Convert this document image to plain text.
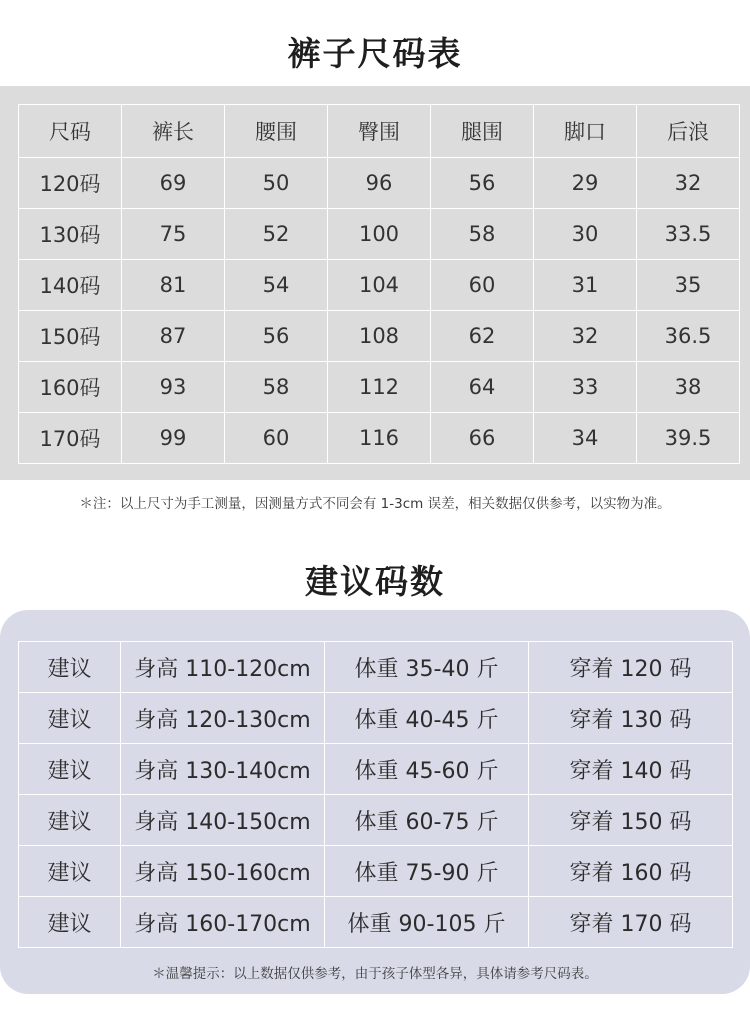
裤子尺码表
尺码	裤长	腰围	臀围	腿围	脚口	后浪
120码	69	50	96	56	29	32
130码	75	52	100	58	30	33.5
140码	81	54	104	60	31	35
150码	87	56	108	62	32	36.5
160码	93	58	112	64	33	38
170码	99	60	116	66	34	39.5
＊注：以上尺寸为手工测量，因测量方式不同会有 1-3cm 误差，相关数据仅供参考，以实物为准。
建议码数
建议	身高 110-120cm	体重 35-40 斤	穿着 120 码
建议	身高 120-130cm	体重 40-45 斤	穿着 130 码
建议	身高 130-140cm	体重 45-60 斤	穿着 140 码
建议	身高 140-150cm	体重 60-75 斤	穿着 150 码
建议	身高 150-160cm	体重 75-90 斤	穿着 160 码
建议	身高 160-170cm	体重 90-105 斤	穿着 170 码
＊温馨提示：以上数据仅供参考，由于孩子体型各异，具体请参考尺码表。
